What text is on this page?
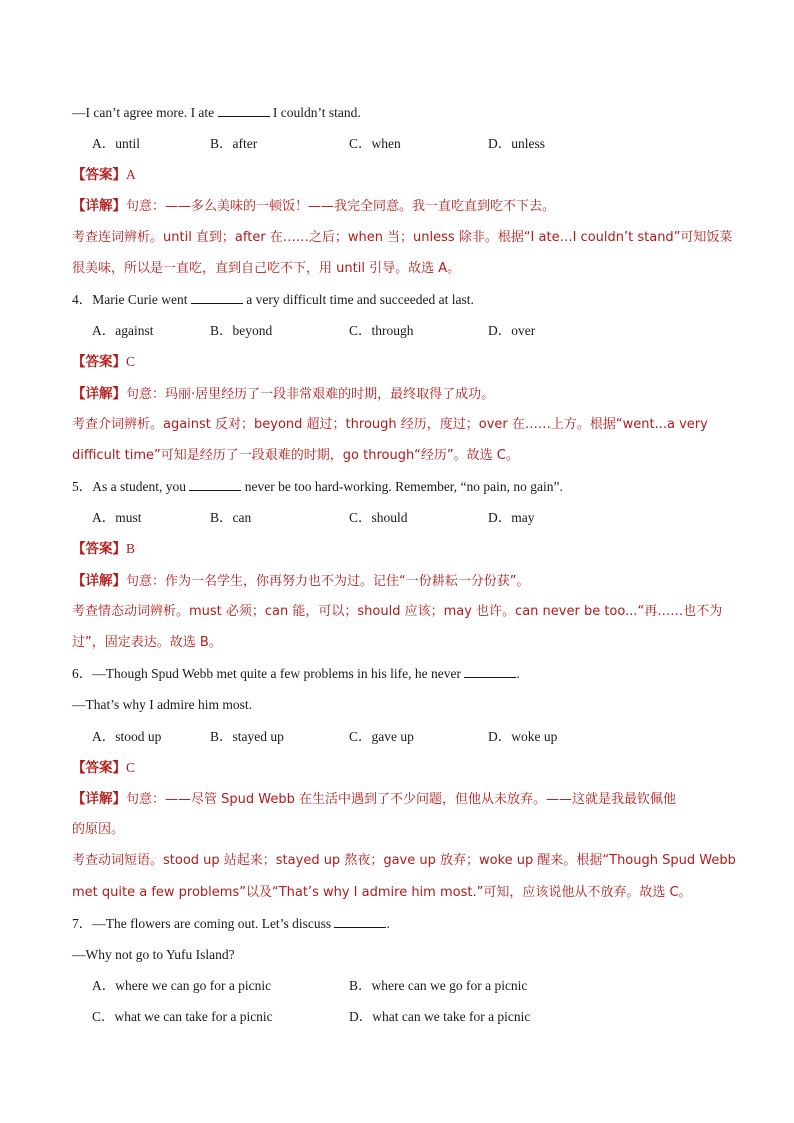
—I can’t agree more. I ate	I couldn’t stand.
A．until	B．after	C．when	D．unless
【答案】A
【详解】句意：——多么美味的一顿饭！——我完全同意。我一直吃直到吃不下去。
考查连词辨析。until 直到；after 在……之后；when 当；unless 除非。根据“I ate…I couldn’t stand”可知饭菜
很美味，所以是一直吃，直到自己吃不下，用 until 引导。故选 A。
4．Marie Curie went	a very difficult time and succeeded at last.
A．against	B．beyond	C．through	D．over
【答案】C
【详解】句意：玛丽·居里经历了一段非常艰难的时期，最终取得了成功。
考查介词辨析。against 反对；beyond 超过；through 经历，度过；over 在……上方。根据“went...a very
difficult time”可知是经历了一段艰难的时期，go through“经历”。故选 C。
5．As a student, you	never be too hard-working. Remember, “no pain, no gain”.
A．must	B．can	C．should	D．may
【答案】B
【详解】句意：作为一名学生，你再努力也不为过。记住“一份耕耘一分份获”。
考查情态动词辨析。must 必须；can 能，可以；should 应该；may 也许。can never be too...“再……也不为
过”，固定表达。故选 B。
6．—Though Spud Webb met quite a few problems in his life, he never	.
—That’s why I admire him most.
A．stood up	B．stayed up	C．gave up	D．woke up
【答案】C
【详解】句意：——尽管 Spud Webb 在生活中遇到了不少问题，但他从未放弃。——这就是我最钦佩他
的原因。
考查动词短语。stood up 站起来；stayed up 熬夜；gave up 放弃；woke up 醒来。根据“Though Spud Webb
met quite a few problems”以及“That’s why I admire him most.”可知，应该说他从不放弃。故选 C。
7．—The flowers are coming out. Let’s discuss	.
—Why not go to Yufu Island?
A．where we can go for a picnic	B．where can we go for a picnic
C．what we can take for a picnic	D．what can we take for a picnic
